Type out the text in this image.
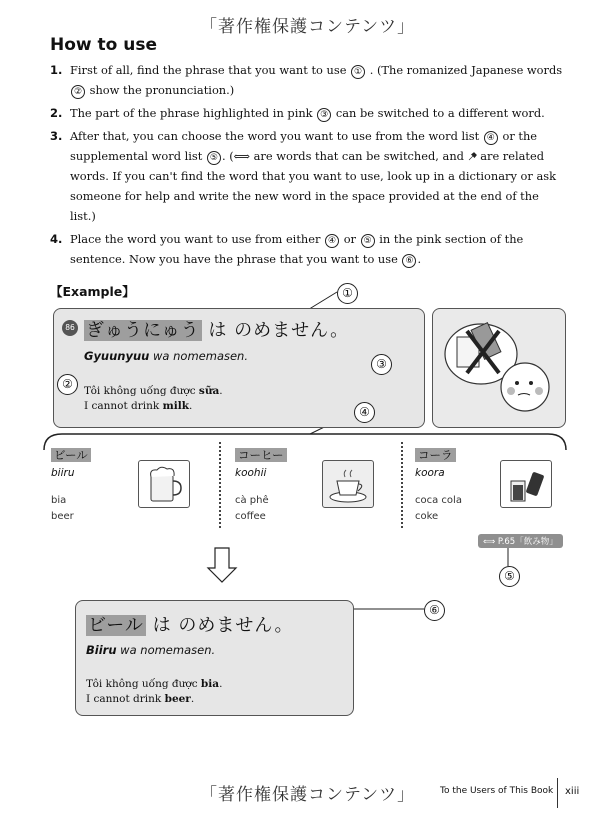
「著作権保護コンテンツ」
How to use
1. First of all, find the phrase that you want to use ① . (The romanized Japanese words ② show the pronunciation.)
2. The part of the phrase highlighted in pink ③ can be switched to a different word.
3. After that, you can choose the word you want to use from the word list ④ or the supplemental word list ⑤ . (⟺ are words that can be switched, and are related words. If you can't find the word that you want to use, look up in a dictionary or ask someone for help and write the new word in the space provided at the end of the list.)
4. Place the word you want to use from either ④ or ⑤ in the pink section of the sentence. Now you have the phrase that you want to use ⑥ .
【Example】
86 ぎゅうにゅう は のめません。
Gyuunyuu wa nomemasen.
Tôi không uống được sữa.
I cannot drink milk.
①
②
③
④
⑤
⑥
ビール
biiru
bia
beer
コーヒー
koohii
cà phê
coffee
コーラ
koora
coca cola
coke
⟺ P.65「飲み物」
ビール は のめません。
Biiru wa nomemasen.
Tôi không uống được bia.
I cannot drink beer.
「著作権保護コンテンツ」	To the Users of This Book xiii
